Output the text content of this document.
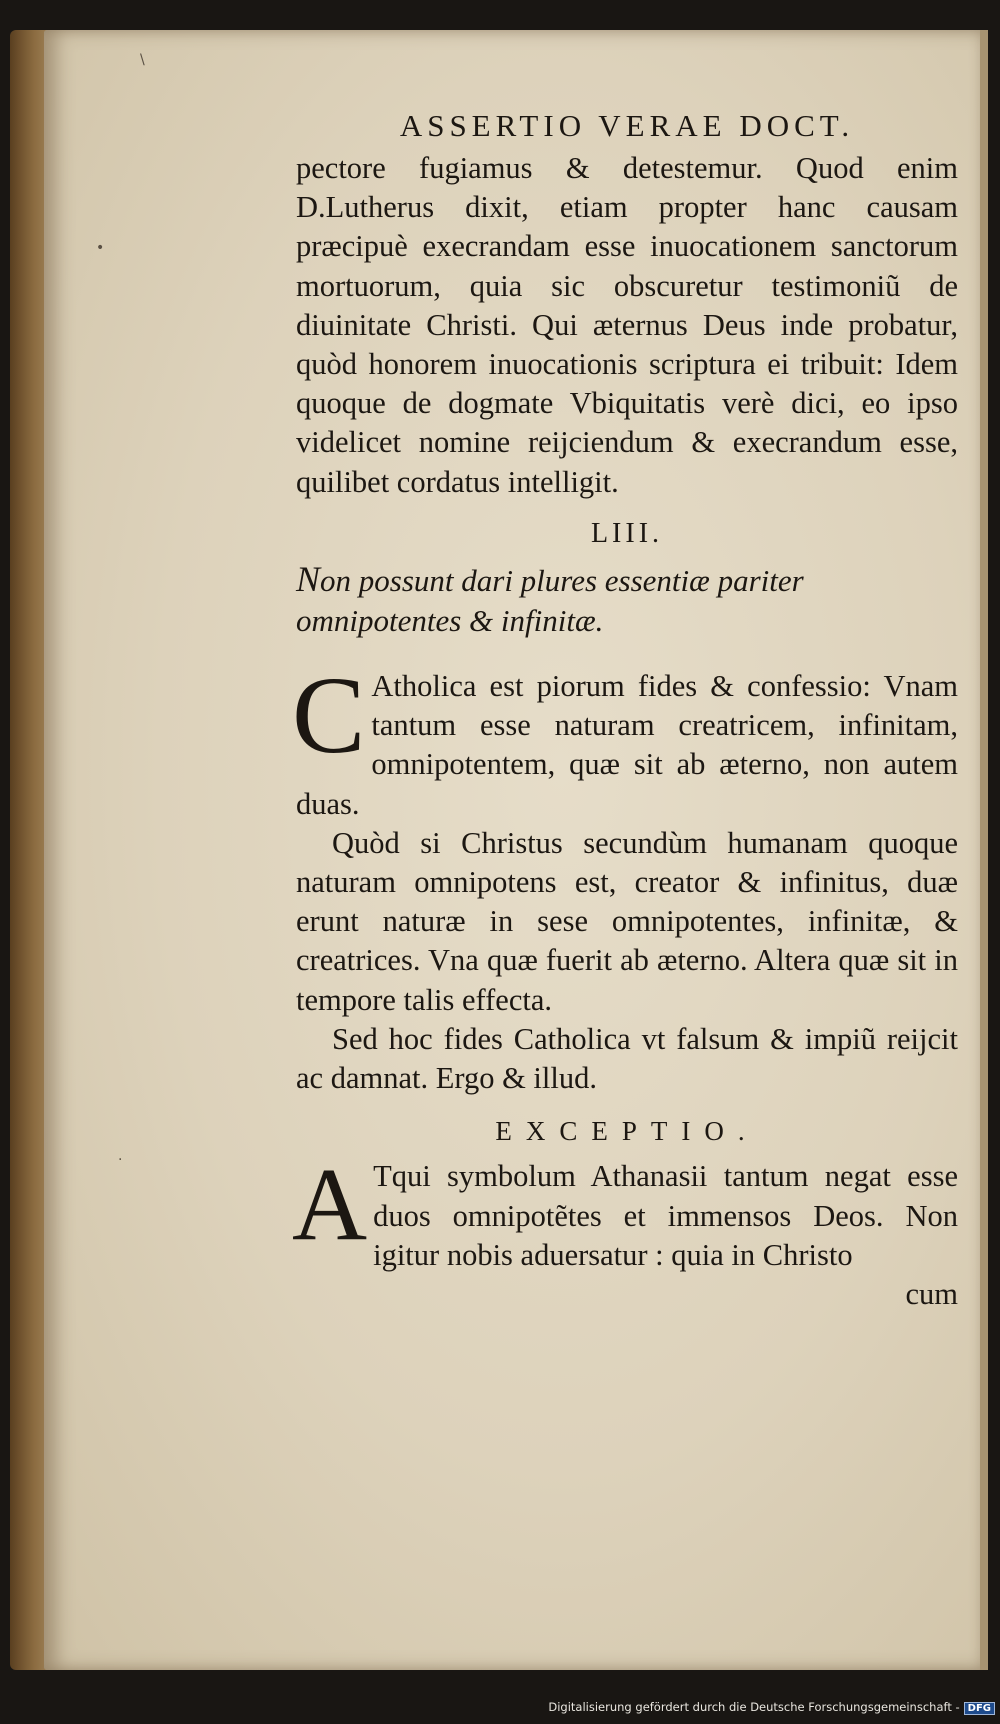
\
•
·
ASSERTIO VERAE DOCT.

pectore fugiamus & detestemur. Quod enim D.Lutherus dixit, etiam propter hanc causam præcipuè execrandam esse inuocationem sanctorum mortuorum, quia sic obscuretur testimoniũ de diuinitate Christi. Qui æternus Deus inde probatur, quòd honorem inuocationis scriptura ei tribuit: Idem quoque de dogmate Vbiquitatis verè dici, eo ipso videlicet nomine reijciendum & execrandum esse, quilibet cordatus intelligit.

LIII.

Non possunt dari plures essentiæ pariter omnipotentes & infinitæ.

C Atholica est piorum fides & confessio: Vnam tantum esse naturam creatricem, infinitam, omnipotentem, quæ sit ab æterno, non autem duas.

Quòd si Christus secundùm humanam quoque naturam omnipotens est, creator & infinitus, duæ erunt naturæ in sese omnipotentes, infinitæ, & creatrices. Vna quæ fuerit ab æterno. Altera quæ sit in tempore talis effecta.

Sed hoc fides Catholica vt falsum & impiũ reijcit ac damnat. Ergo & illud.

EXCEPTIO.

A Tqui symbolum Athanasii tantum negat esse duos omnipotẽtes et immensos Deos. Non igitur nobis aduersatur : quia in Christo

cum

Digitalisierung gefördert durch die Deutsche Forschungsgemeinschaft - DFG
